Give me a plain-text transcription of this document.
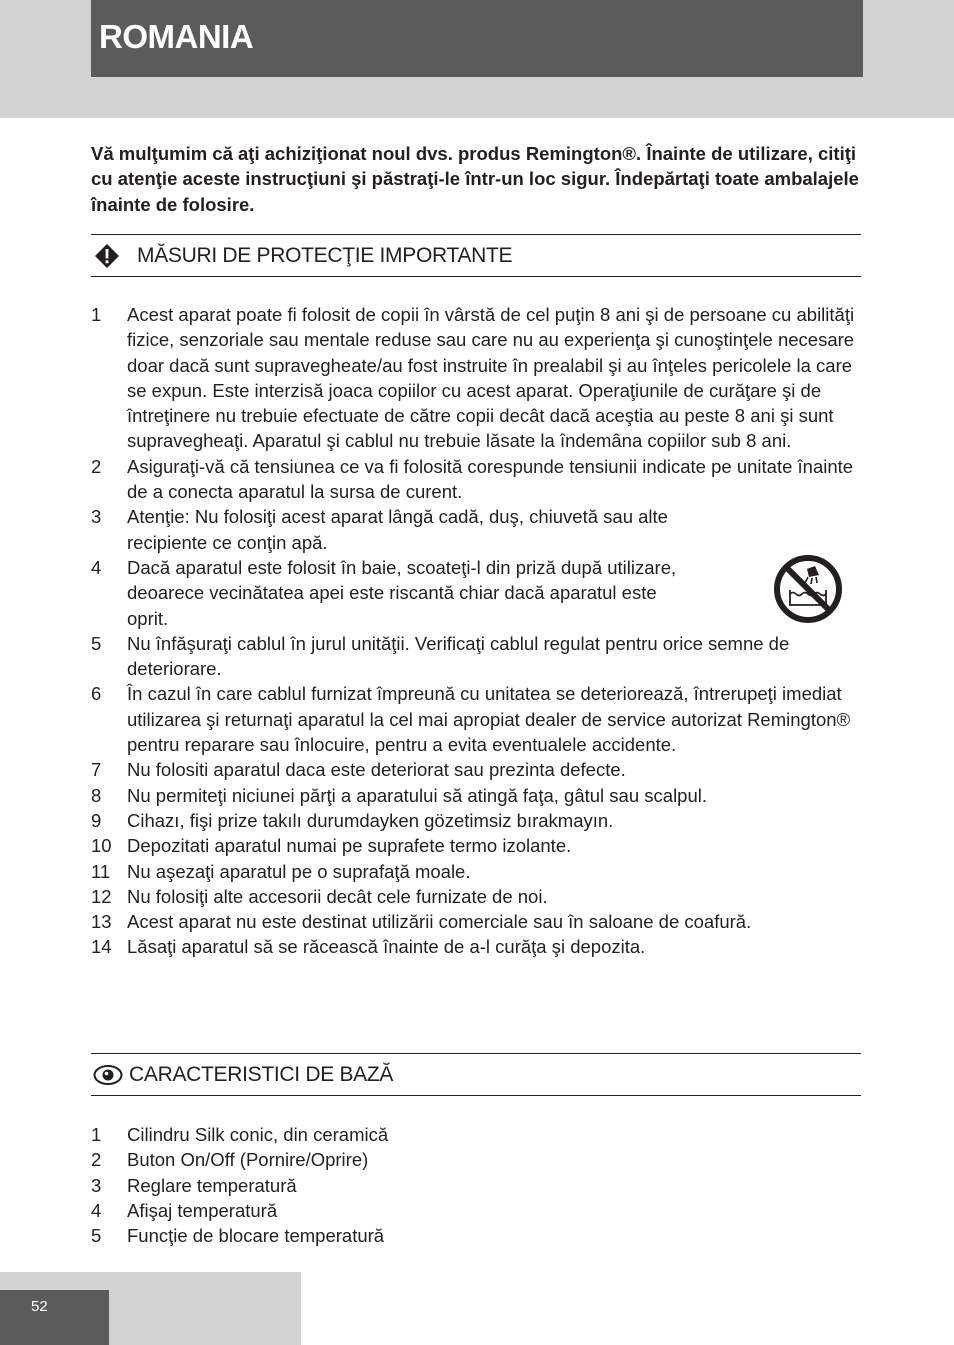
ROMANIA
Vă mulţumim că aţi achiziţionat noul dvs. produs Remington®. Înainte de utilizare, citiţi cu atenţie aceste instrucţiuni şi păstraţi-le într-un loc sigur. Îndepărtaţi toate ambalajele înainte de folosire.
MĂSURI DE PROTECŢIE IMPORTANTE
1 Acest aparat poate fi folosit de copii în vârstă de cel puţin 8 ani şi de persoane cu abilităţi fizice, senzoriale sau mentale reduse sau care nu au experienţa şi cunoştinţele necesare doar dacă sunt supravegheate/au fost instruite în prealabil şi au înţeles pericolele la care se expun. Este interzisă joaca copiilor cu acest aparat. Operaţiunile de curăţare şi de întreţinere nu trebuie efectuate de către copii decât dacă aceştia au peste 8 ani şi sunt supravegheaţi. Aparatul şi cablul nu trebuie lăsate la îndemâna copiilor sub 8 ani.
2 Asiguraţi-vă că tensiunea ce va fi folosită corespunde tensiunii indicate pe unitate înainte de a conecta aparatul la sursa de curent.
3 Atenţie: Nu folosiţi acest aparat lângă cadă, duş, chiuvetă sau alte recipiente ce conţin apă.
4 Dacă aparatul este folosit în baie, scoateţi-l din priză după utilizare, deoarece vecinătatea apei este riscantă chiar dacă aparatul este oprit.
5 Nu înfăşuraţi cablul în jurul unităţii. Verificaţi cablul regulat pentru orice semne de deteriorare.
6 În cazul în care cablul furnizat împreună cu unitatea se deteriorează, întrerupeţi imediat utilizarea şi returnaţi aparatul la cel mai apropiat dealer de service autorizat Remington® pentru reparare sau înlocuire, pentru a evita eventualele accidente.
7 Nu folositi aparatul daca este deteriorat sau prezinta defecte.
8 Nu permiteţi niciunei părţi a aparatului să atingă faţa, gâtul sau scalpul.
9 Cihazı, fişi prize takılı durumdayken gözetimsiz bırakmayın.
10 Depozitati aparatul numai pe suprafete termo izolante.
11 Nu aşezaţi aparatul pe o suprafaţă moale.
12 Nu folosiţi alte accesorii decât cele furnizate de noi.
13 Acest aparat nu este destinat utilizării comerciale sau în saloane de coafură.
14 Lăsaţi aparatul să se răcească înainte de a-l curăţa şi depozita.
CARACTERISTICI DE BAZĂ
1 Cilindru Silk conic, din ceramică
2 Buton On/Off (Pornire/Oprire)
3 Reglare temperatură
4 Afişaj temperatură
5 Funcţie de blocare temperatură
52
